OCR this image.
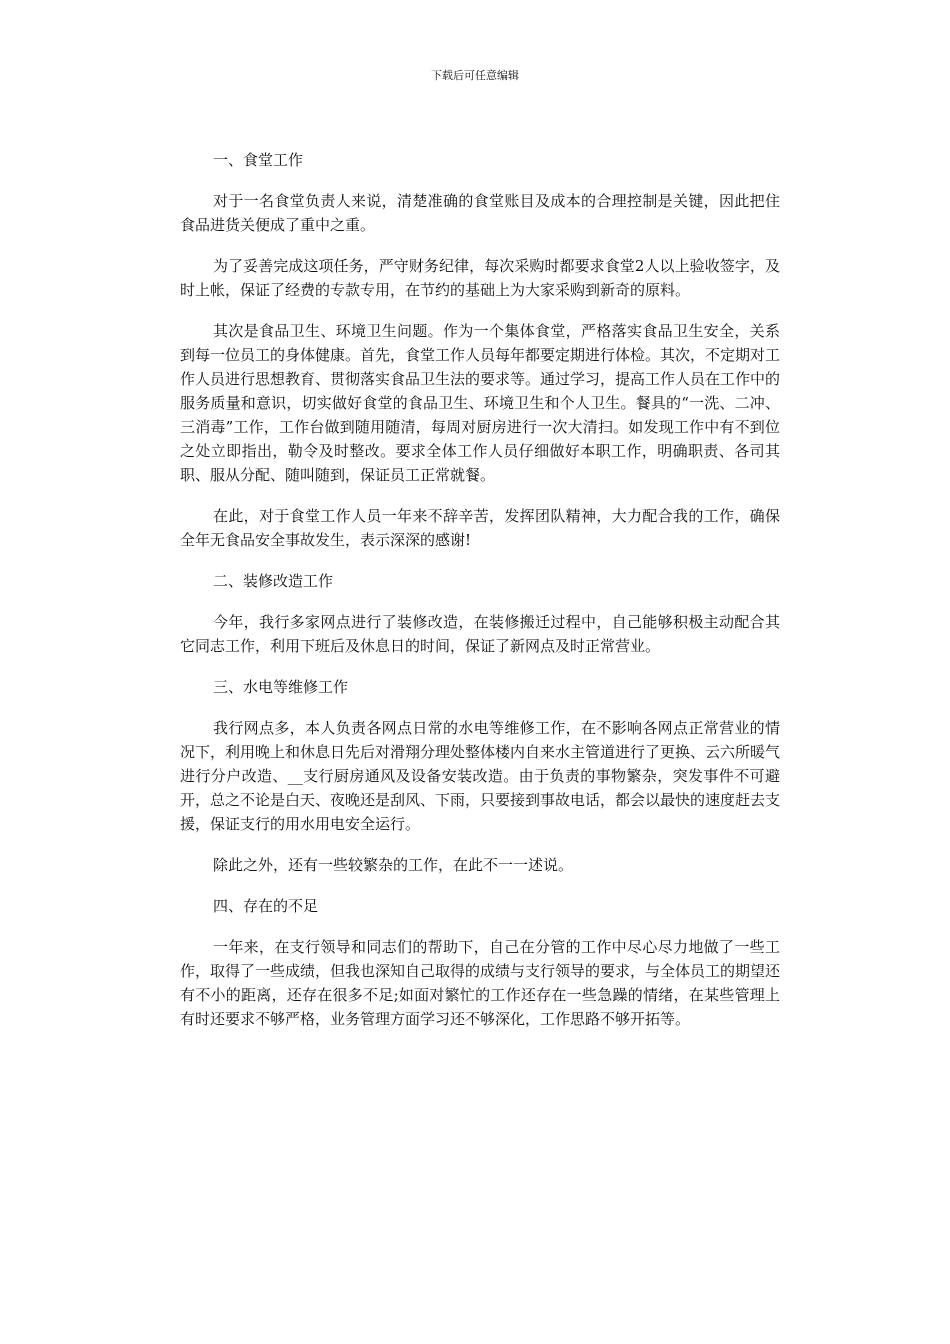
下载后可任意编辑

一、食堂工作

对于一名食堂负责人来说，清楚准确的食堂账目及成本的合理控制是关键，因此把住食品进货关便成了重中之重。

为了妥善完成这项任务，严守财务纪律，每次采购时都要求食堂2人以上验收签字，及时上帐，保证了经费的专款专用，在节约的基础上为大家采购到新奇的原料。

其次是食品卫生、环境卫生问题。作为一个集体食堂，严格落实食品卫生安全，关系到每一位员工的身体健康。首先，食堂工作人员每年都要定期进行体检。其次，不定期对工作人员进行思想教育、贯彻落实食品卫生法的要求等。通过学习，提高工作人员在工作中的服务质量和意识，切实做好食堂的食品卫生、环境卫生和个人卫生。餐具的“一洗、二冲、三消毒”工作，工作台做到随用随清，每周对厨房进行一次大清扫。如发现工作中有不到位之处立即指出，勒令及时整改。要求全体工作人员仔细做好本职工作，明确职责、各司其职、服从分配、随叫随到，保证员工正常就餐。

在此，对于食堂工作人员一年来不辞辛苦，发挥团队精神，大力配合我的工作，确保全年无食品安全事故发生，表示深深的感谢!

二、装修改造工作

今年，我行多家网点进行了装修改造，在装修搬迁过程中，自己能够积极主动配合其它同志工作，利用下班后及休息日的时间，保证了新网点及时正常营业。

三、水电等维修工作

我行网点多，本人负责各网点日常的水电等维修工作，在不影响各网点正常营业的情况下，利用晚上和休息日先后对滑翔分理处整体楼内自来水主管道进行了更换、云六所暖气进行分户改造、__支行厨房通风及设备安装改造。由于负责的事物繁杂，突发事件不可避开，总之不论是白天、夜晚还是刮风、下雨，只要接到事故电话，都会以最快的速度赶去支援，保证支行的用水用电安全运行。

除此之外，还有一些较繁杂的工作，在此不一一述说。

四、存在的不足

一年来，在支行领导和同志们的帮助下，自己在分管的工作中尽心尽力地做了一些工作，取得了一些成绩，但我也深知自己取得的成绩与支行领导的要求，与全体员工的期望还有不小的距离，还存在很多不足;如面对繁忙的工作还存在一些急躁的情绪，在某些管理上有时还要求不够严格，业务管理方面学习还不够深化，工作思路不够开拓等。
